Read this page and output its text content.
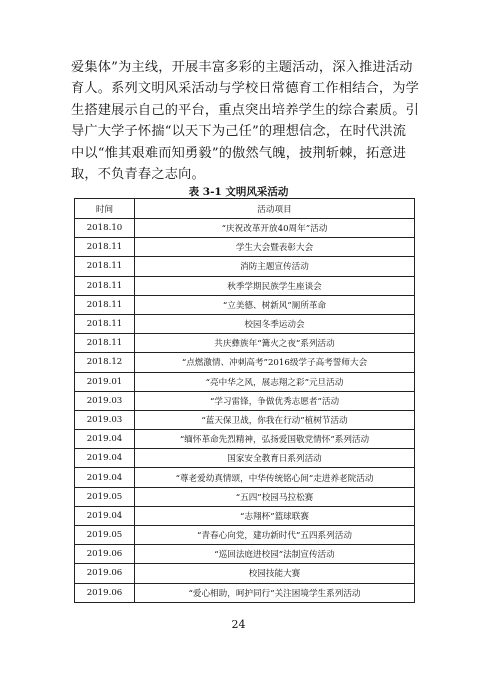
爱集体”为主线，开展丰富多彩的主题活动，深入推进活动
育人。系列文明风采活动与学校日常德育工作相结合，为学
生搭建展示自己的平台，重点突出培养学生的综合素质。引
导广大学子怀揣“以天下为己任”的理想信念，在时代洪流
中以“惟其艰难而知勇毅”的傲然气魄，披荆斩棘，拓意进
取，不负青春之志向。
表 3-1 文明风采活动
时间	活动项目
2018.10	“庆祝改革开放40周年”活动
2018.11	学生大会暨表彰大会
2018.11	消防主题宣传活动
2018.11	秋季学期民族学生座谈会
2018.11	“立美德、树新风”厕所革命
2018.11	校园冬季运动会
2018.11	共庆彝族年“篝火之夜”系列活动
2018.12	“点燃激情、冲刺高考”2016级学子高考誓师大会
2019.01	“亮中华之风，展志翔之彩”元旦活动
2019.03	“学习雷锋，争做优秀志愿者”活动
2019.03	“蓝天保卫战，你我在行动”植树节活动
2019.04	“缅怀革命先烈精神，弘扬爱国敬党情怀”系列活动
2019.04	国家安全教育日系列活动
2019.04	“尊老爱幼真情颂，中华传统铭心间”走进养老院活动
2019.05	“五四”校园马拉松赛
2019.04	“志翔杯”篮球联赛
2019.05	“青春心向党，建功新时代”五四系列活动
2019.06	“巡回法庭进校园”法制宣传活动
2019.06	校园技能大赛
2019.06	“爱心相助，呵护同行”关注困境学生系列活动
24
